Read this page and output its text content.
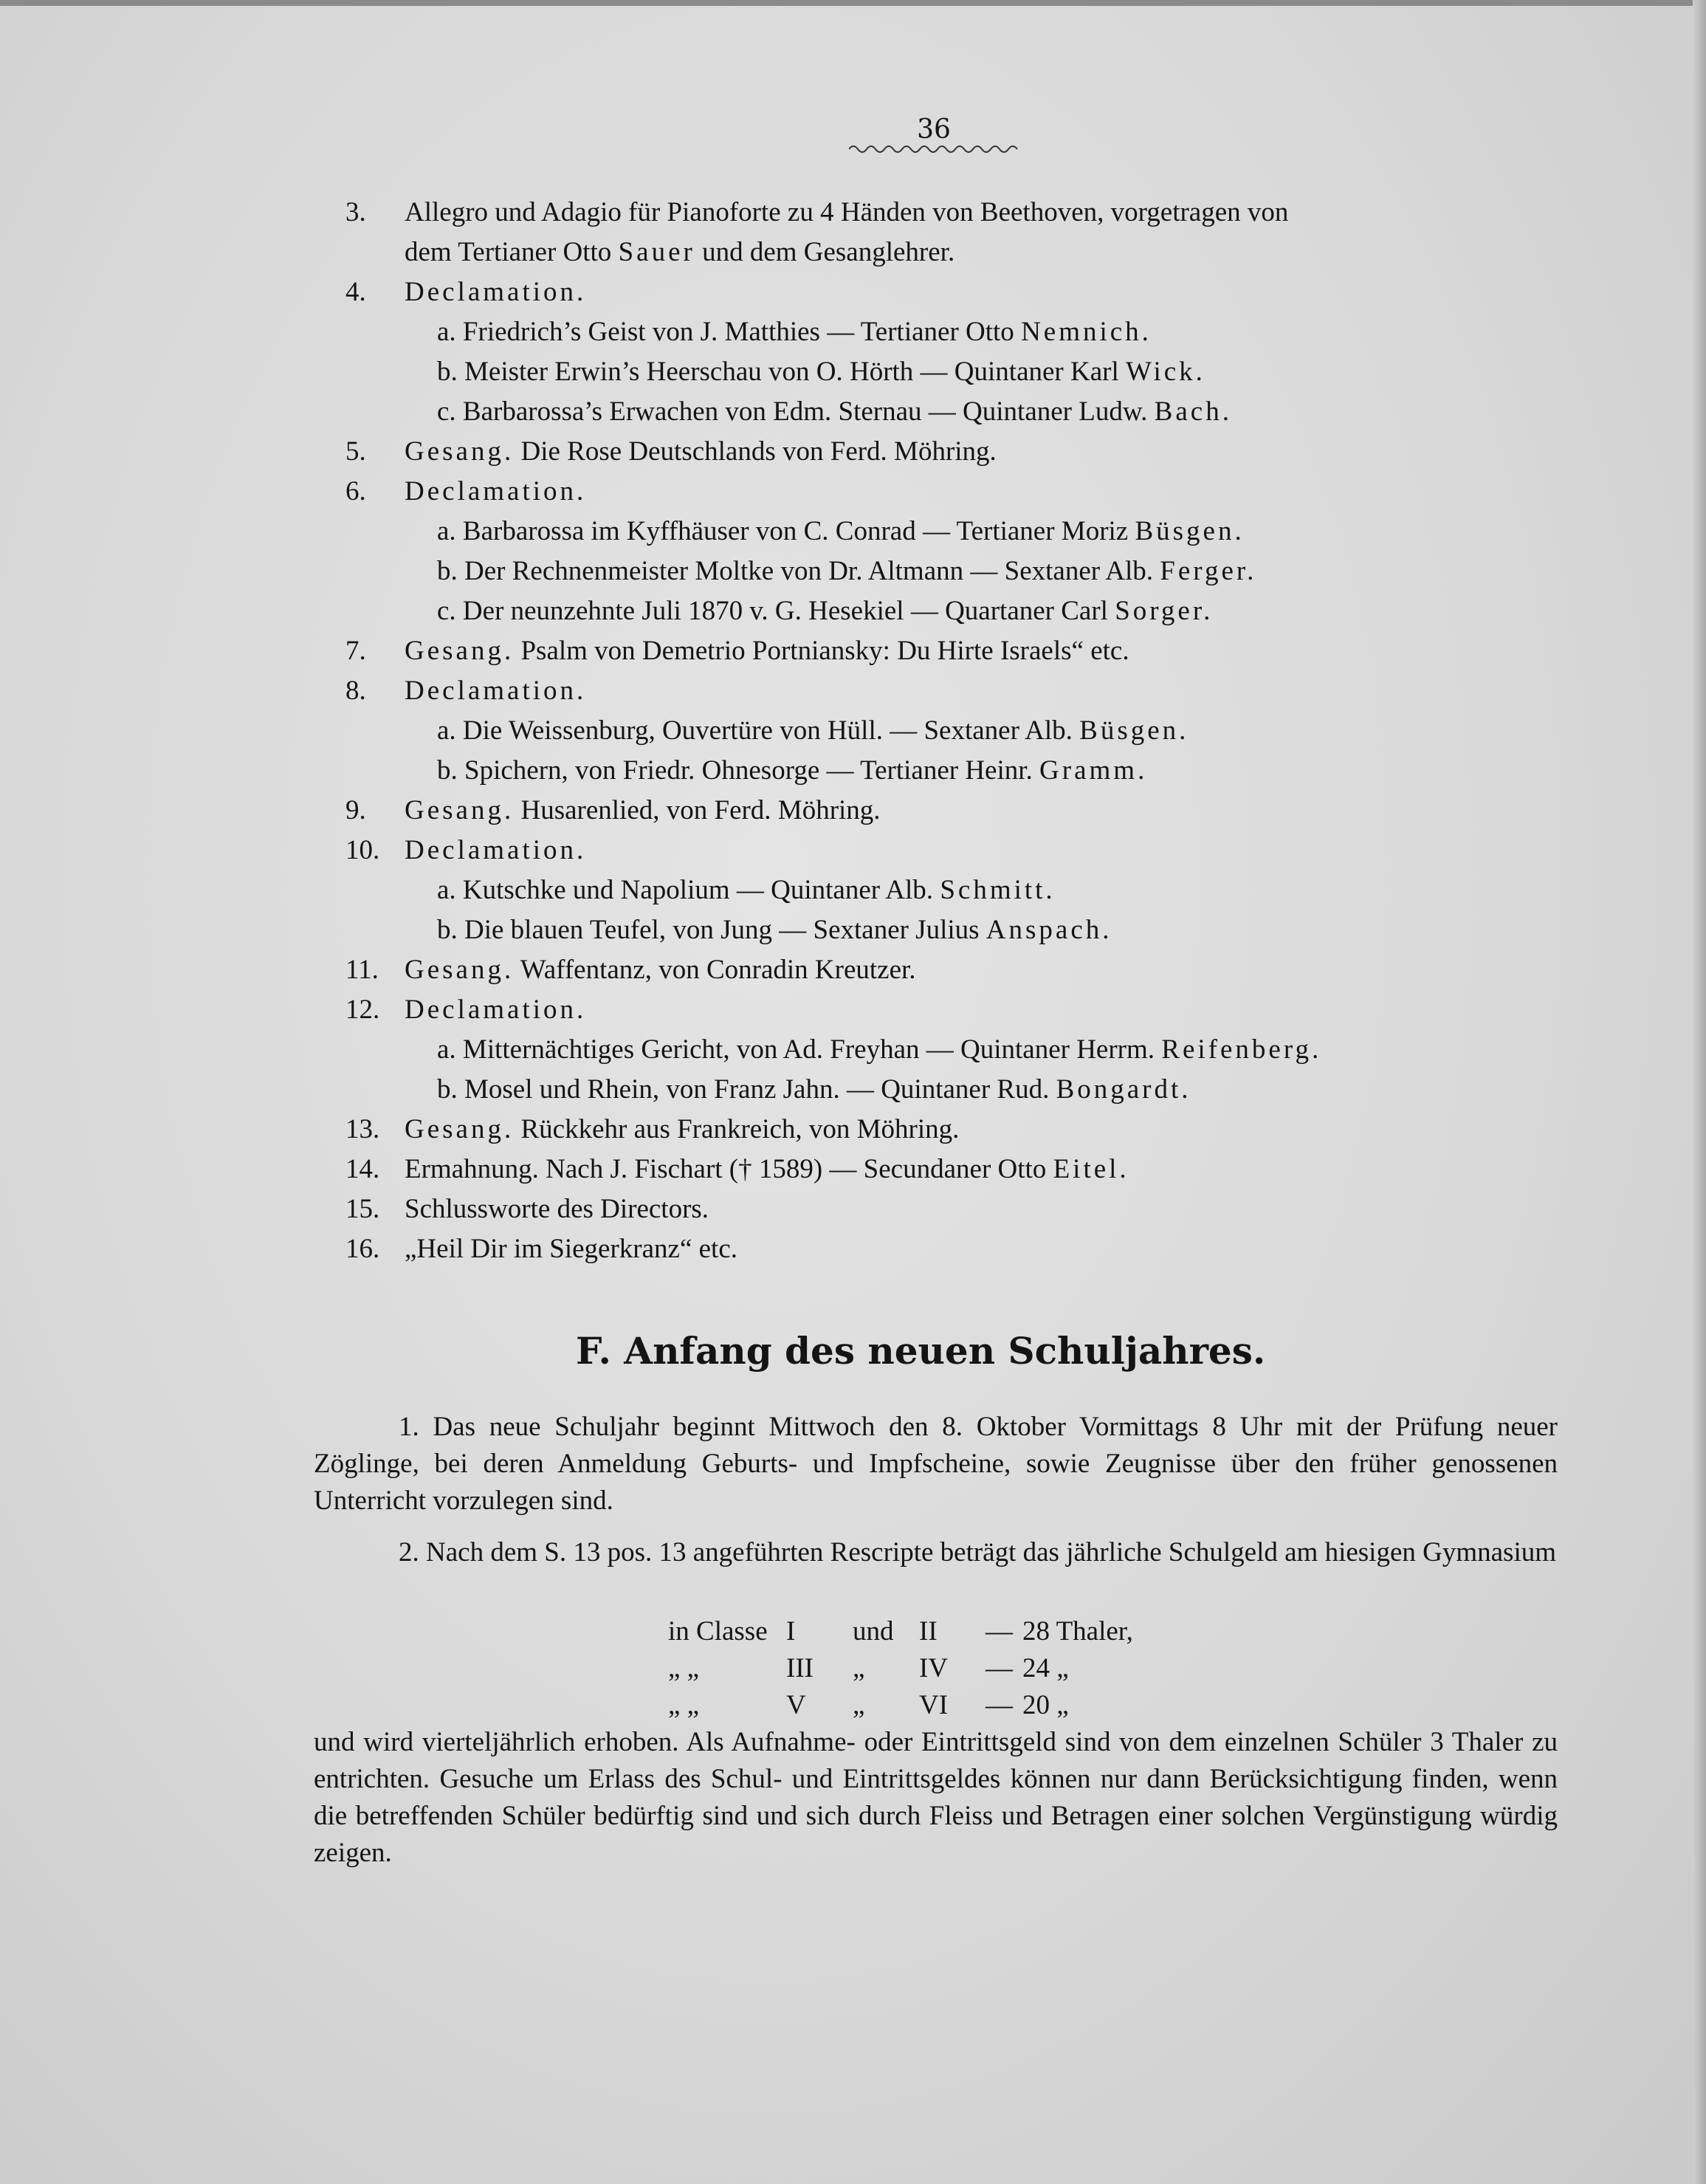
36
3. Allegro und Adagio für Pianoforte zu 4 Händen von Beethoven, vorgetragen von
dem Tertianer Otto Sauer und dem Gesanglehrer.
4. Declamation.
a. Friedrich’s Geist von J. Matthies — Tertianer Otto Nemnich.
b. Meister Erwin’s Heerschau von O. Hörth — Quintaner Karl Wick.
c. Barbarossa’s Erwachen von Edm. Sternau — Quintaner Ludw. Bach.
5. Gesang. Die Rose Deutschlands von Ferd. Möhring.
6. Declamation.
a. Barbarossa im Kyffhäuser von C. Conrad — Tertianer Moriz Büsgen.
b. Der Rechnenmeister Moltke von Dr. Altmann — Sextaner Alb. Ferger.
c. Der neunzehnte Juli 1870 v. G. Hesekiel — Quartaner Carl Sorger.
7. Gesang. Psalm von Demetrio Portniansky: Du Hirte Israels“ etc.
8. Declamation.
a. Die Weissenburg, Ouvertüre von Hüll. — Sextaner Alb. Büsgen.
b. Spichern, von Friedr. Ohnesorge — Tertianer Heinr. Gramm.
9. Gesang. Husarenlied, von Ferd. Möhring.
10. Declamation.
a. Kutschke und Napolium — Quintaner Alb. Schmitt.
b. Die blauen Teufel, von Jung — Sextaner Julius Anspach.
11. Gesang. Waffentanz, von Conradin Kreutzer.
12. Declamation.
a. Mitternächtiges Gericht, von Ad. Freyhan — Quintaner Herrm. Reifenberg.
b. Mosel und Rhein, von Franz Jahn. — Quintaner Rud. Bongardt.
13. Gesang. Rückkehr aus Frankreich, von Möhring.
14. Ermahnung. Nach J. Fischart († 1589) — Secundaner Otto Eitel.
15. Schlussworte des Directors.
16. „Heil Dir im Siegerkranz“ etc.
F. Anfang des neuen Schuljahres.
1. Das neue Schuljahr beginnt Mittwoch den 8. Oktober Vormittags 8 Uhr mit der Prüfung neuer Zöglinge, bei deren Anmeldung Geburts- und Impfscheine, sowie Zeugnisse über den früher genossenen Unterricht vorzulegen sind.
2. Nach dem S. 13 pos. 13 angeführten Rescripte beträgt das jährliche Schulgeld am hiesigen Gymnasium
in Classe I und II — 28 Thaler,
„ „	III „ IV — 24 „
„ „	V „ VI — 20 „
und wird vierteljährlich erhoben. Als Aufnahme- oder Eintrittsgeld sind von dem einzelnen Schüler 3 Thaler zu entrichten. Gesuche um Erlass des Schul- und Eintrittsgeldes können nur dann Berücksichtigung finden, wenn die betreffenden Schüler bedürftig sind und sich durch Fleiss und Betragen einer solchen Vergünstigung würdig zeigen.
